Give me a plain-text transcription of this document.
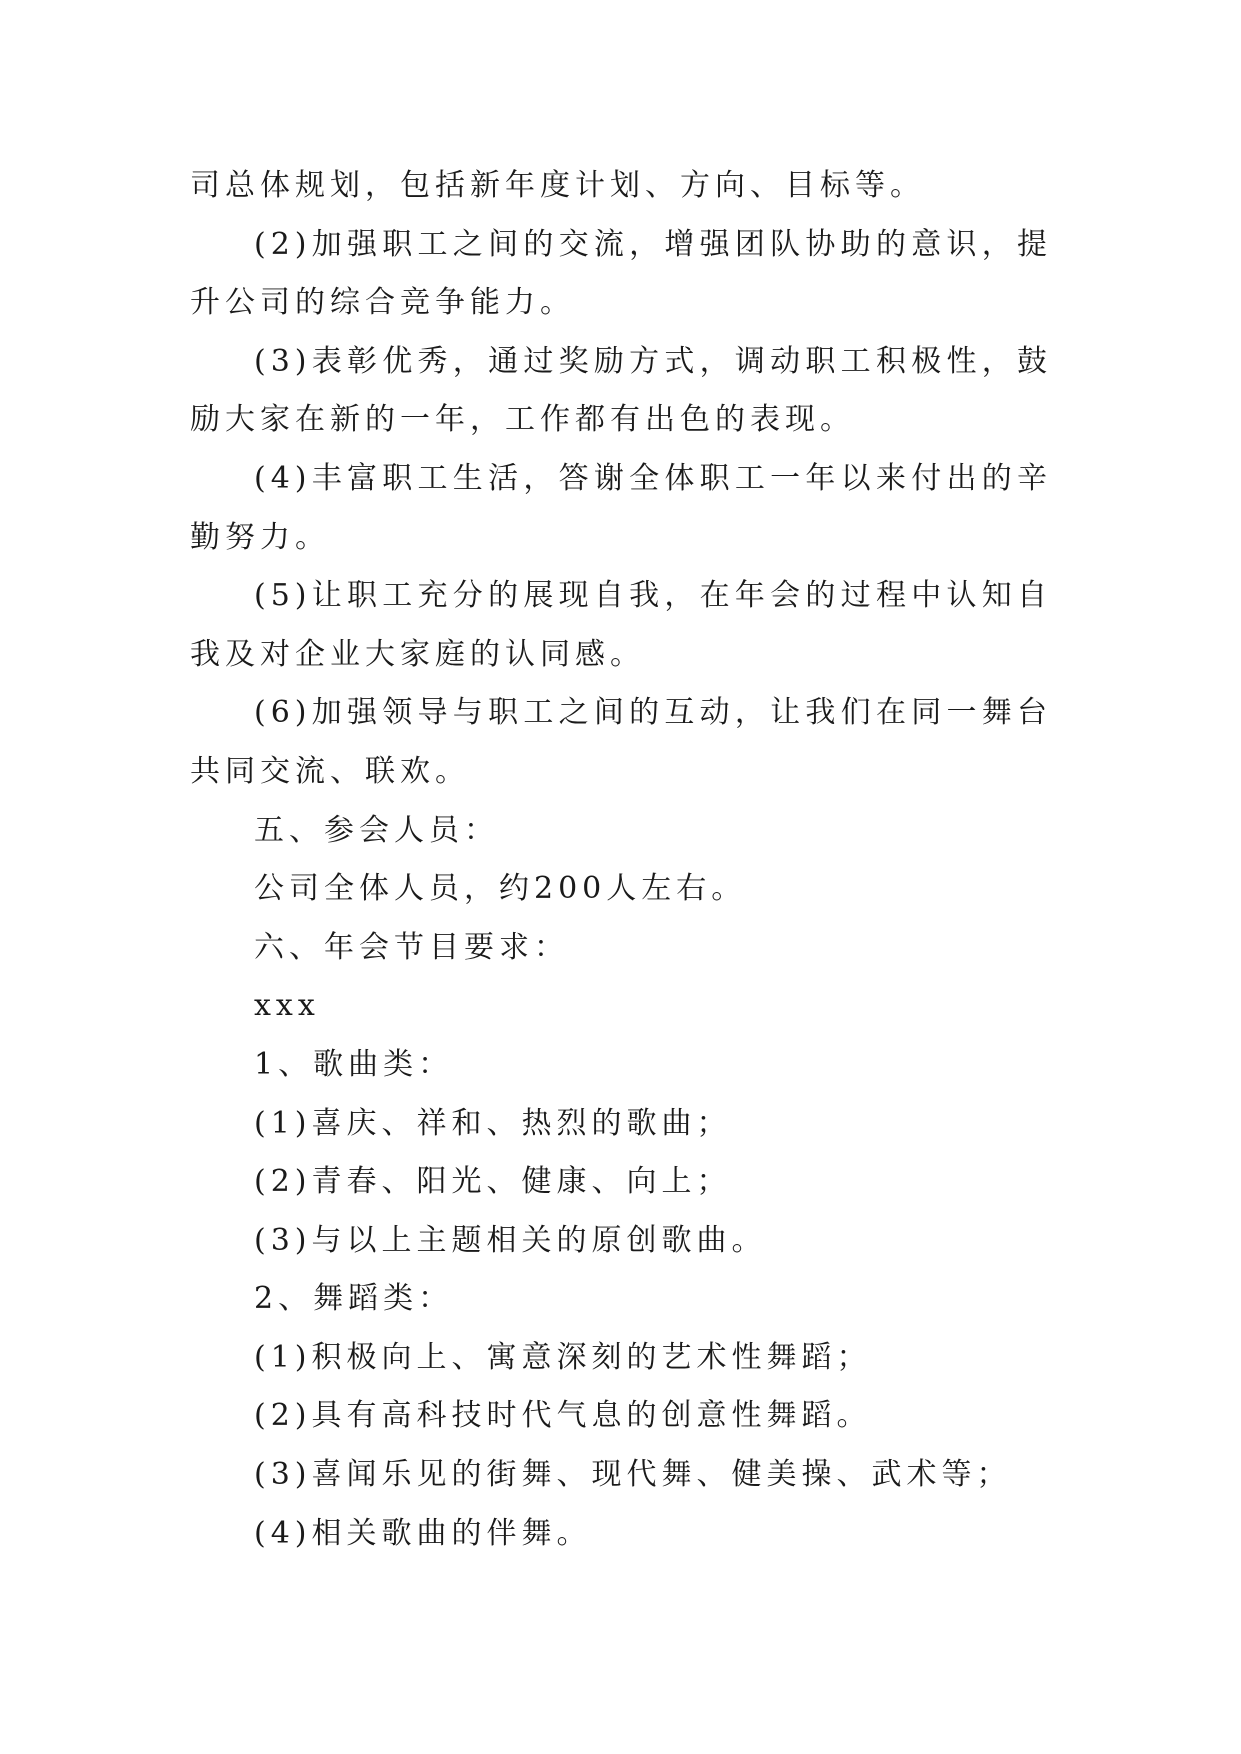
司总体规划，包括新年度计划、方向、目标等。

(2)加强职工之间的交流，增强团队协助的意识，提升公司的综合竞争能力。

(3)表彰优秀，通过奖励方式，调动职工积极性，鼓励大家在新的一年，工作都有出色的表现。

(4)丰富职工生活，答谢全体职工一年以来付出的辛勤努力。

(5)让职工充分的展现自我，在年会的过程中认知自我及对企业大家庭的认同感。

(6)加强领导与职工之间的互动，让我们在同一舞台共同交流、联欢。

五、参会人员：

公司全体人员，约200人左右。

六、年会节目要求：

xxx

1、歌曲类：

(1)喜庆、祥和、热烈的歌曲；

(2)青春、阳光、健康、向上；

(3)与以上主题相关的原创歌曲。

2、舞蹈类：

(1)积极向上、寓意深刻的艺术性舞蹈；

(2)具有高科技时代气息的创意性舞蹈。

(3)喜闻乐见的街舞、现代舞、健美操、武术等；

(4)相关歌曲的伴舞。
